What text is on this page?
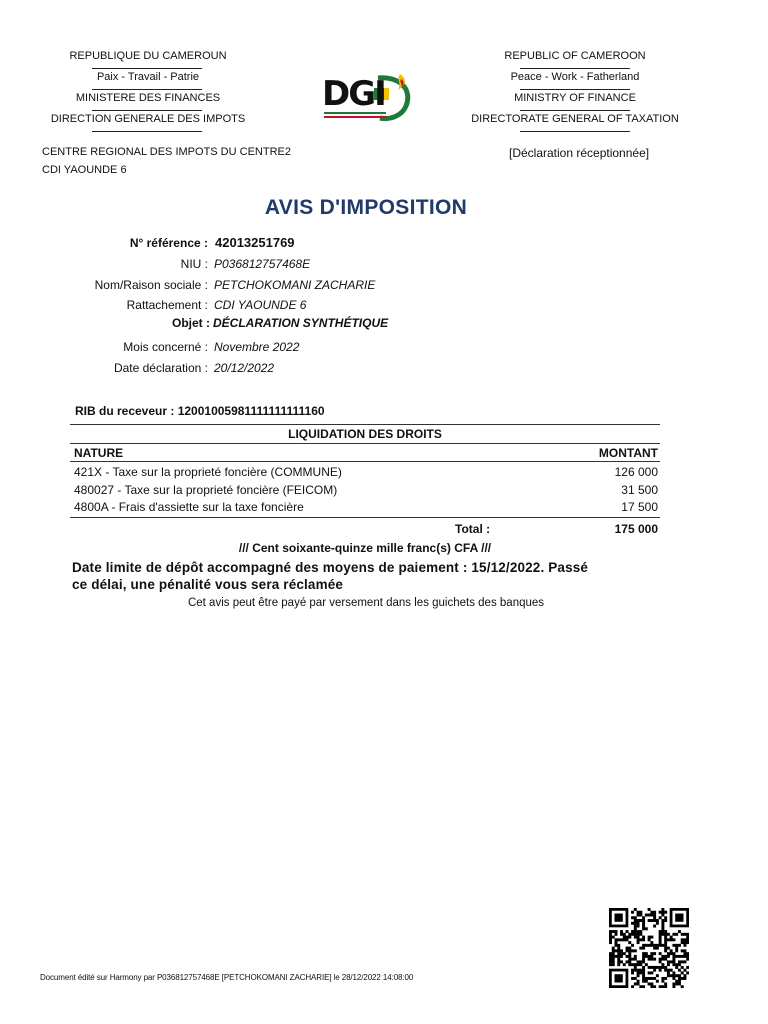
REPUBLIQUE DU CAMEROUN
Paix - Travail - Patrie
MINISTERE DES FINANCES
DIRECTION GENERALE DES IMPOTS
REPUBLIC OF CAMEROON
Peace - Work - Fatherland
MINISTRY OF FINANCE
DIRECTORATE GENERAL OF TAXATION
DGI
CENTRE REGIONAL DES IMPOTS DU CENTRE2
CDI YAOUNDE 6
[Déclaration réceptionnée]
AVIS D'IMPOSITION
N° référence : 42013251769
NIU : P036812757468E
Nom/Raison sociale : PETCHOKOMANI ZACHARIE
Rattachement : CDI YAOUNDE 6
Objet : DÉCLARATION SYNTHÉTIQUE
Mois concerné : Novembre 2022
Date déclaration : 20/12/2022
RIB du receveur : 12001005981111111111160
LIQUIDATION DES DROITS
NATURE	MONTANT
421X - Taxe sur la proprieté foncière (COMMUNE)	126 000
480027 - Taxe sur la proprieté foncière (FEICOM)	31 500
4800A - Frais d'assiette sur la taxe foncière	17 500
Total :	175 000
/// Cent soixante-quinze mille franc(s) CFA ///
Date limite de dépôt accompagné des moyens de paiement : 15/12/2022. Passé
ce délai, une pénalité vous sera réclamée
Cet avis peut être payé par versement dans les guichets des banques
Document édité sur Harmony par P036812757468E [PETCHOKOMANI ZACHARIE] le 28/12/2022 14:08:00
